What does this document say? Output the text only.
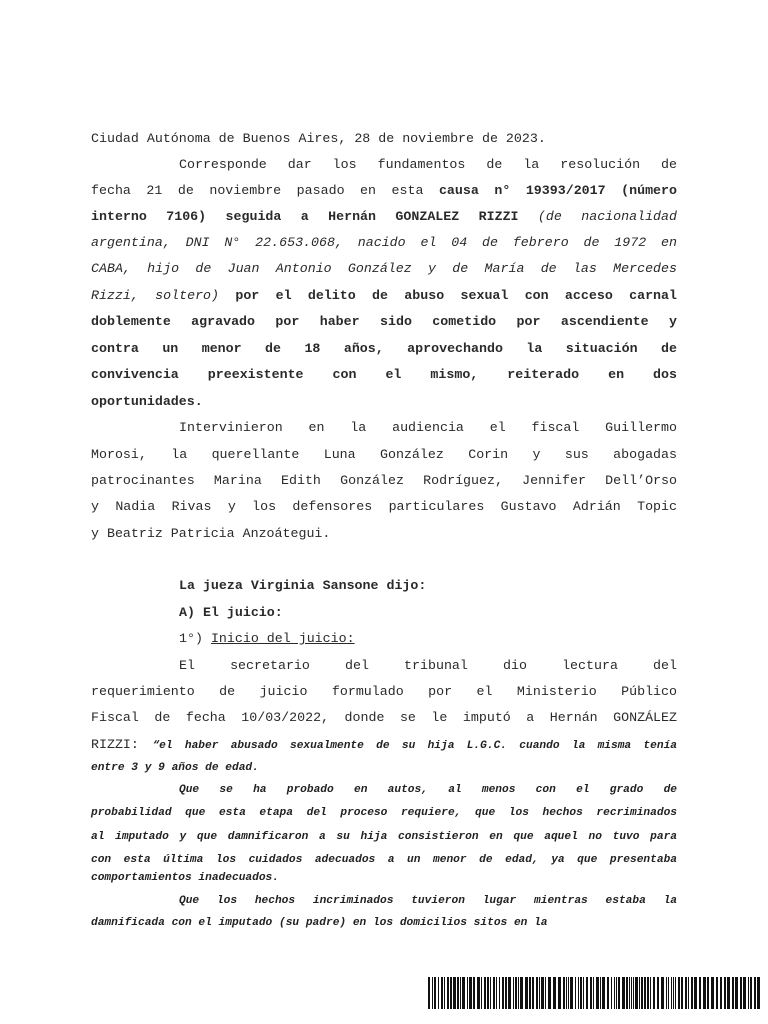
Ciudad Autónoma de Buenos Aires, 28 de noviembre de 2023.
Corresponde dar los fundamentos de la resolución de
fecha 21 de noviembre pasado en esta causa n° 19393/2017 (número
interno 7106) seguida a Hernán GONZALEZ RIZZI (de nacionalidad
argentina, DNI N° 22.653.068, nacido el 04 de febrero de 1972 en
CABA, hijo de Juan Antonio González y de María de las Mercedes
Rizzi, soltero) por el delito de abuso sexual con acceso carnal
doblemente agravado por haber sido cometido por ascendiente y
contra un menor de 18 años, aprovechando la situación de
convivencia preexistente con el mismo, reiterado en dos
oportunidades.
Intervinieron en la audiencia el fiscal Guillermo
Morosi, la querellante Luna González Corin y sus abogadas
patrocinantes Marina Edith González Rodríguez, Jennifer Dell’Orso
y Nadia Rivas y los defensores particulares Gustavo Adrián Topic
y Beatriz Patricia Anzoátegui.
La jueza Virginia Sansone dijo:
A) El juicio:
1°) Inicio del juicio:
El secretario del tribunal dio lectura del
requerimiento de juicio formulado por el Ministerio Público
Fiscal de fecha 10/03/2022, donde se le imputó a Hernán GONZÁLEZ
RIZZI: “el haber abusado sexualmente de su hija L.G.C. cuando la misma tenía
entre 3 y 9 años de edad.
Que se ha probado en autos, al menos con el grado de
probabilidad que esta etapa del proceso requiere, que los hechos recriminados
al imputado y que damnificaron a su hija consistieron en que aquel no tuvo para
con esta última los cuidados adecuados a un menor de edad, ya que presentaba
comportamientos inadecuados.
Que los hechos incriminados tuvieron lugar mientras estaba la
damnificada con el imputado (su padre) en los domicilios sitos en la
